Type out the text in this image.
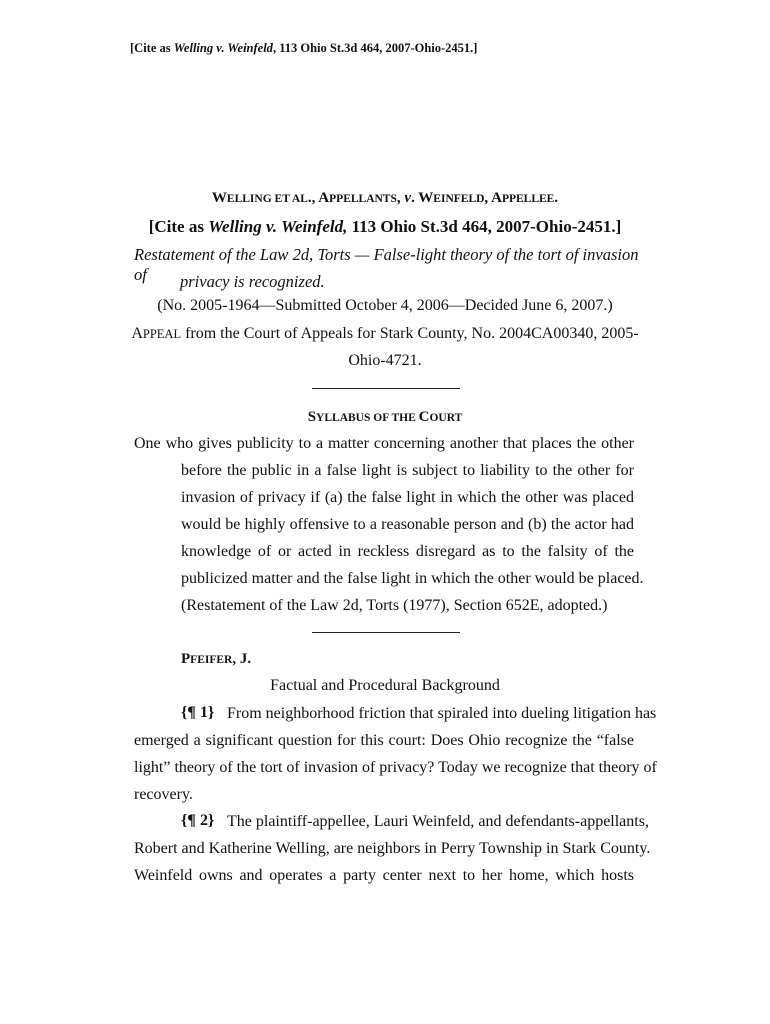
[Cite as Welling v. Weinfeld, 113 Ohio St.3d 464, 2007-Ohio-2451.]
WELLING ET AL., APPELLANTS, v. WEINFELD, APPELLEE.
[Cite as Welling v. Weinfeld, 113 Ohio St.3d 464, 2007-Ohio-2451.]
Restatement of the Law 2d, Torts — False-light theory of the tort of invasion of	privacy is recognized.
(No. 2005-1964—Submitted October 4, 2006—Decided June 6, 2007.)
APPEAL from the Court of Appeals for Stark County, No. 2004CA00340, 2005-
Ohio-4721.
SYLLABUS OF THE COURT
One who gives publicity to a matter concerning another that places the other
before the public in a false light is subject to liability to the other for
invasion of privacy if (a) the false light in which the other was placed
would be highly offensive to a reasonable person and (b) the actor had
knowledge of or acted in reckless disregard as to the falsity of the
publicized matter and the false light in which the other would be placed.
(Restatement of the Law 2d, Torts (1977), Section 652E, adopted.)
PFEIFER, J.
Factual and Procedural Background
{¶ 1} From neighborhood friction that spiraled into dueling litigation has
emerged a significant question for this court: Does Ohio recognize the “false
light” theory of the tort of invasion of privacy? Today we recognize that theory of
recovery.
{¶ 2} The plaintiff-appellee, Lauri Weinfeld, and defendants-appellants,
Robert and Katherine Welling, are neighbors in Perry Township in Stark County.
Weinfeld owns and operates a party center next to her home, which hosts
